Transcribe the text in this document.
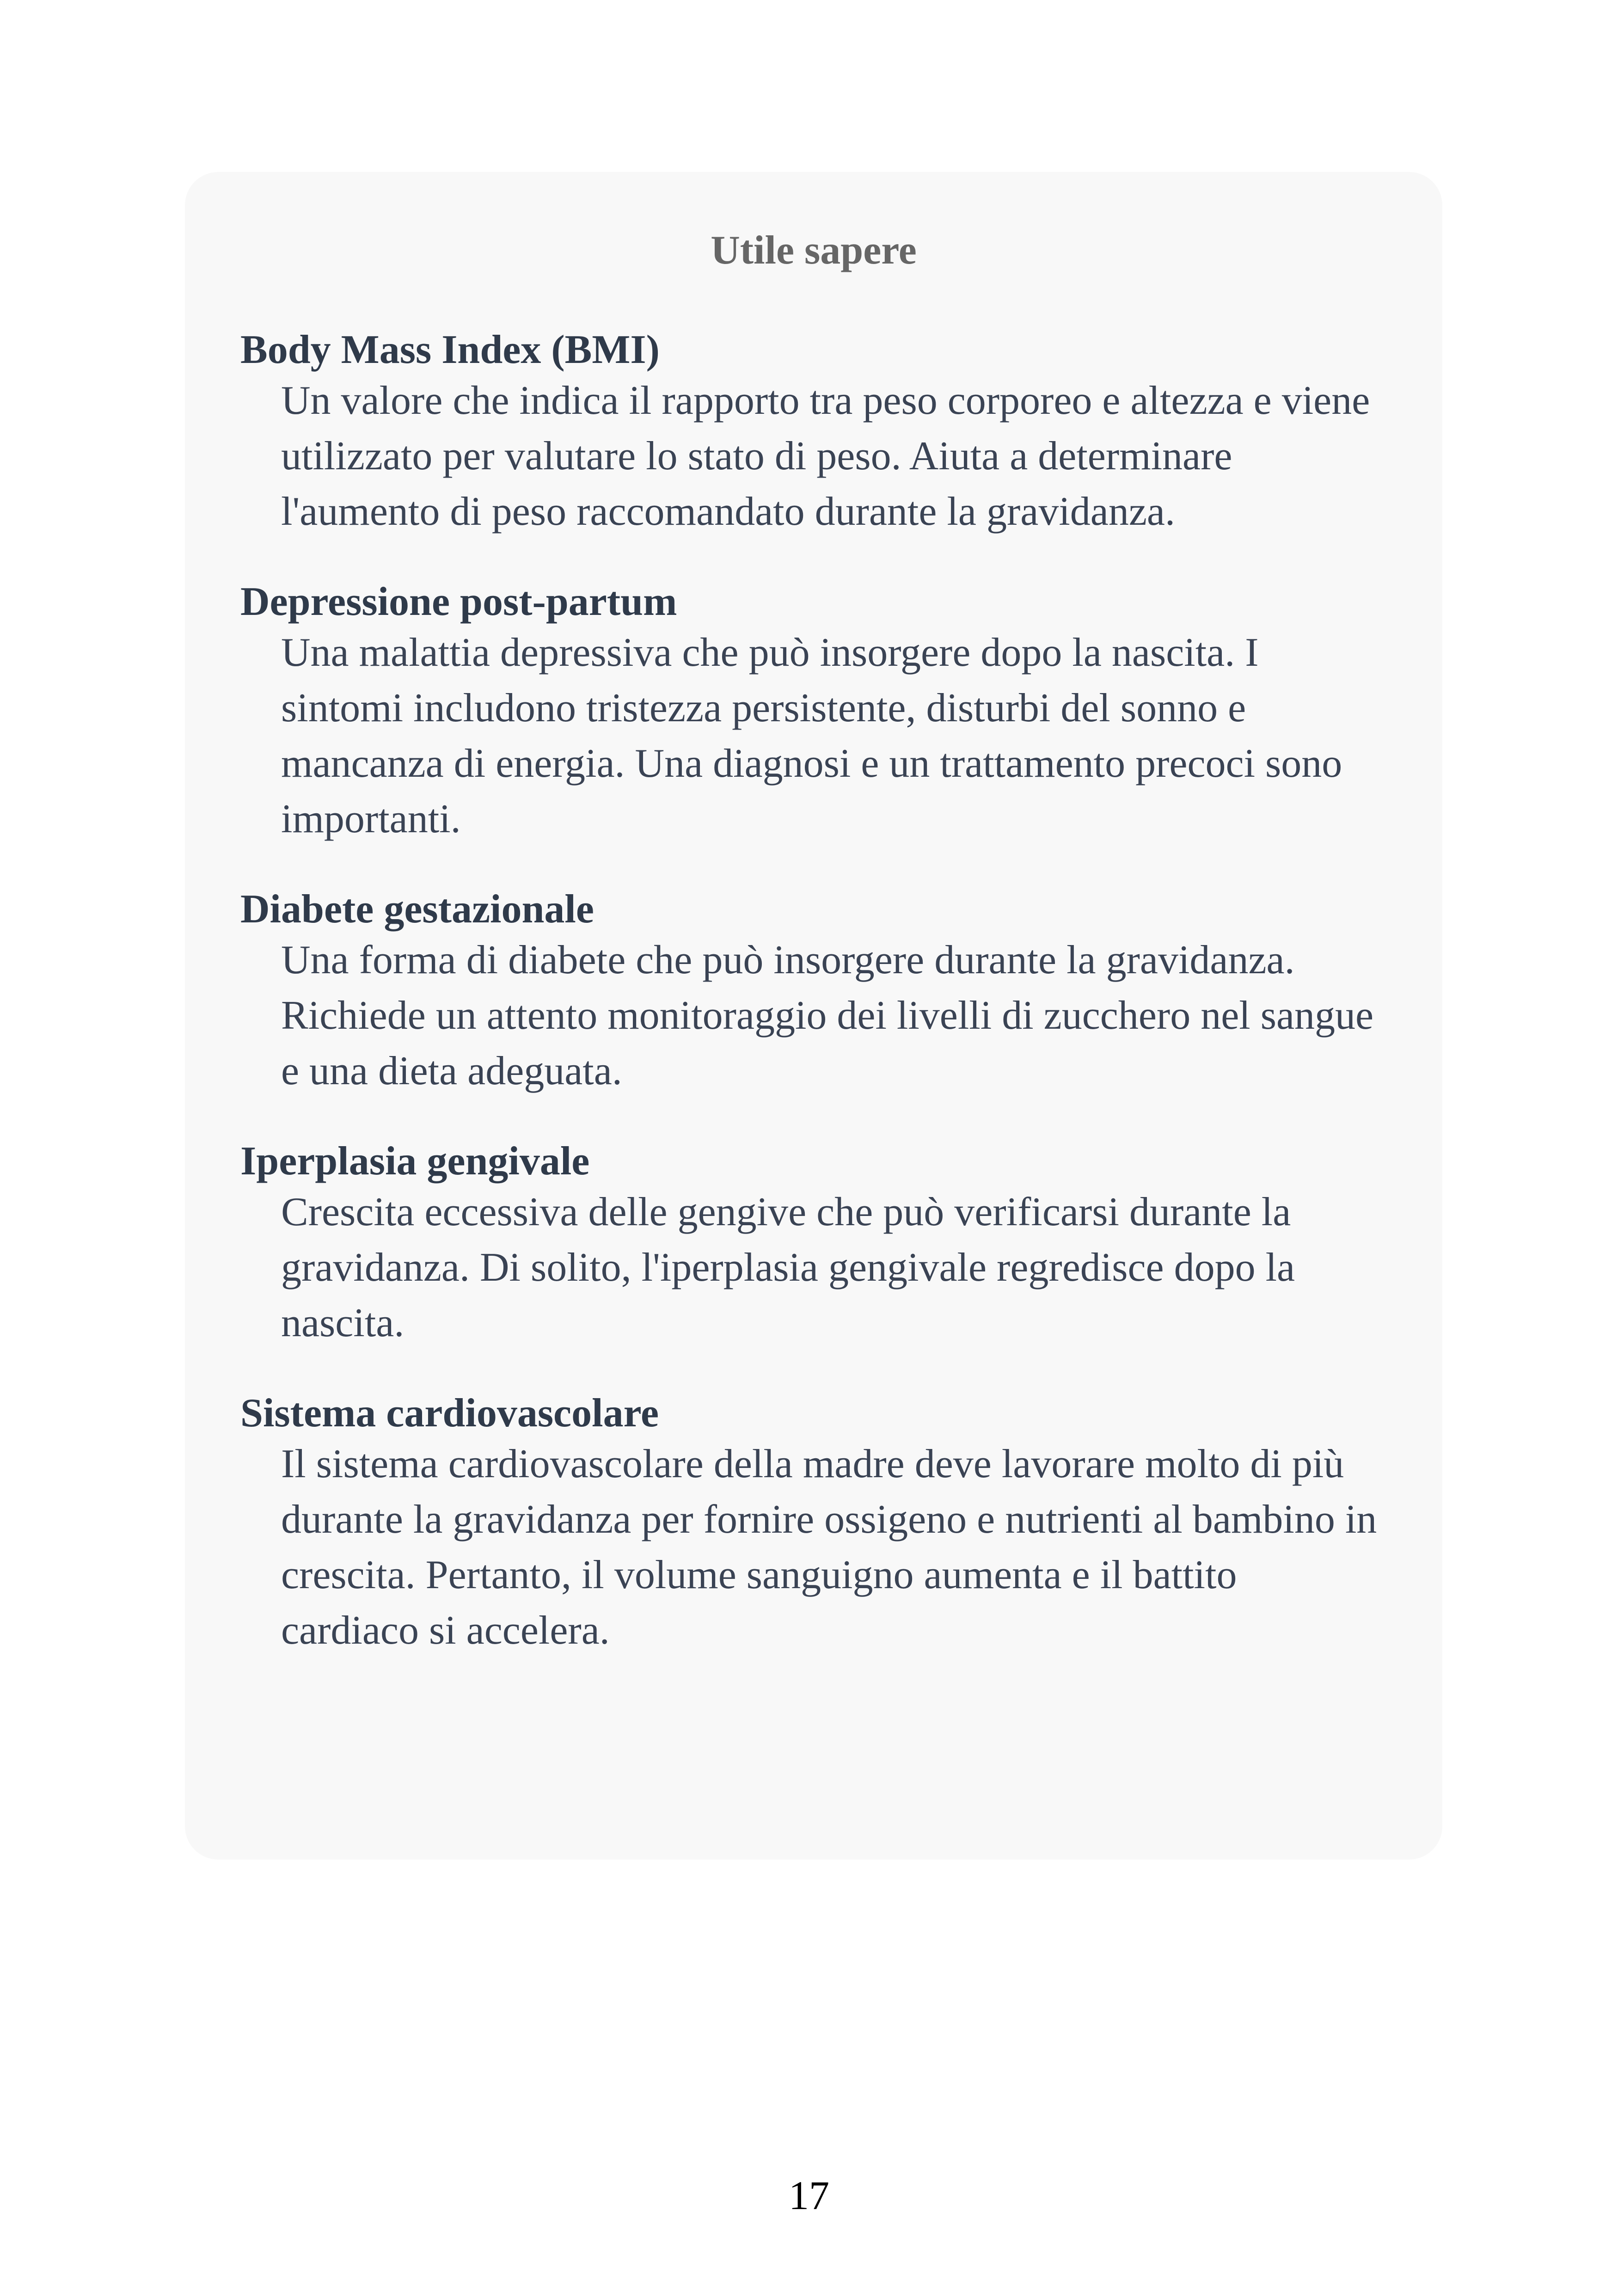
Utile sapere

Body Mass Index (BMI)

Un valore che indica il rapporto tra peso corporeo e altezza e viene utilizzato per valutare lo stato di peso. Aiuta a determinare l'aumento di peso raccomandato durante la gravidanza.

Depressione post-partum

Una malattia depressiva che può insorgere dopo la nascita. I sintomi includono tristezza persistente, disturbi del sonno e mancanza di energia. Una diagnosi e un trattamento precoci sono importanti.

Diabete gestazionale

Una forma di diabete che può insorgere durante la gravidanza. Richiede un attento monitoraggio dei livelli di zucchero nel sangue e una dieta adeguata.

Iperplasia gengivale

Crescita eccessiva delle gengive che può verificarsi durante la gravidanza. Di solito, l'iperplasia gengivale regredisce dopo la nascita.

Sistema cardiovascolare

Il sistema cardiovascolare della madre deve lavorare molto di più durante la gravidanza per fornire ossigeno e nutrienti al bambino in crescita. Pertanto, il volume sanguigno aumenta e il battito cardiaco si accelera.

17
